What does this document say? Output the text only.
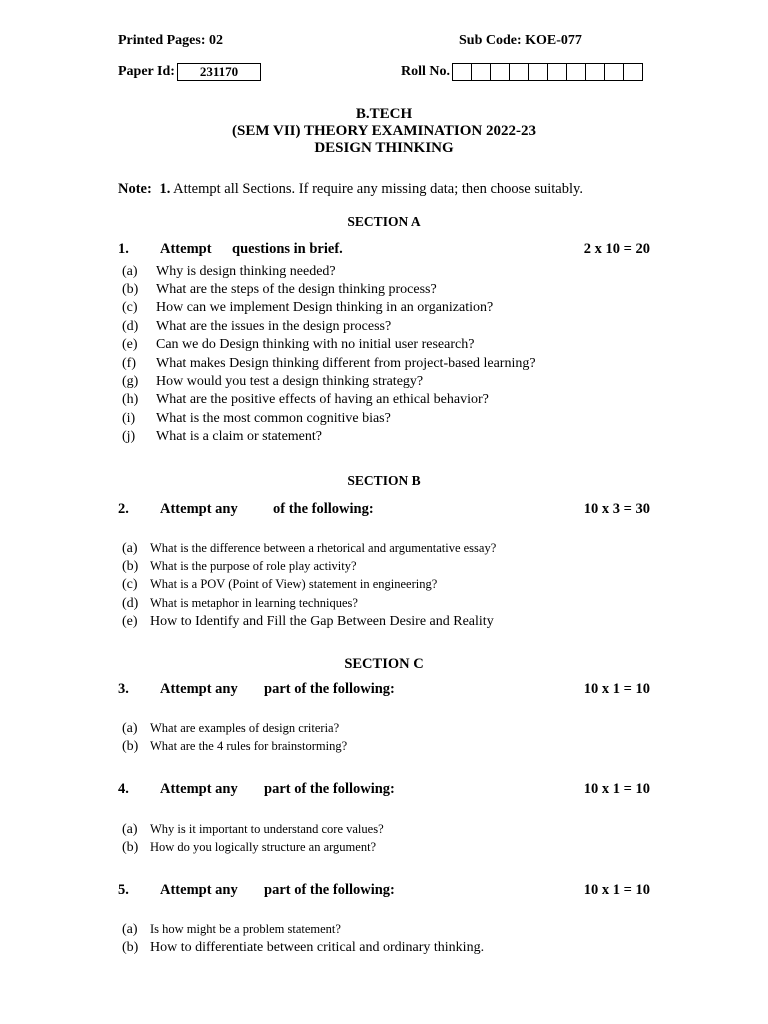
Printed Pages: 02	Sub Code: KOE-077
Paper Id:	231170	Roll No.
B.TECH
(SEM VII) THEORY EXAMINATION 2022-23
DESIGN THINKING
Note: 1. Attempt all Sections. If require any missing data; then choose suitably.
SECTION A
1. Attempt questions in brief.	2 x 10 = 20
(a) Why is design thinking needed?
(b) What are the steps of the design thinking process?
(c) How can we implement Design thinking in an organization?
(d) What are the issues in the design process?
(e) Can we do Design thinking with no initial user research?
(f) What makes Design thinking different from project-based learning?
(g) How would you test a design thinking strategy?
(h) What are the positive effects of having an ethical behavior?
(i) What is the most common cognitive bias?
(j) What is a claim or statement?
SECTION B
2. Attempt any of the following:	10 x 3 = 30
(a) What is the difference between a rhetorical and argumentative essay?
(b) What is the purpose of role play activity?
(c) What is a POV (Point of View) statement in engineering?
(d) What is metaphor in learning techniques?
(e) How to Identify and Fill the Gap Between Desire and Reality
SECTION C
3. Attempt any part of the following:	10 x 1 = 10
(a) What are examples of design criteria?
(b) What are the 4 rules for brainstorming?
4. Attempt any part of the following:	10 x 1 = 10
(a) Why is it important to understand core values?
(b) How do you logically structure an argument?
5. Attempt any part of the following:	10 x 1 = 10
(a) Is how might be a problem statement?
(b) How to differentiate between critical and ordinary thinking.
